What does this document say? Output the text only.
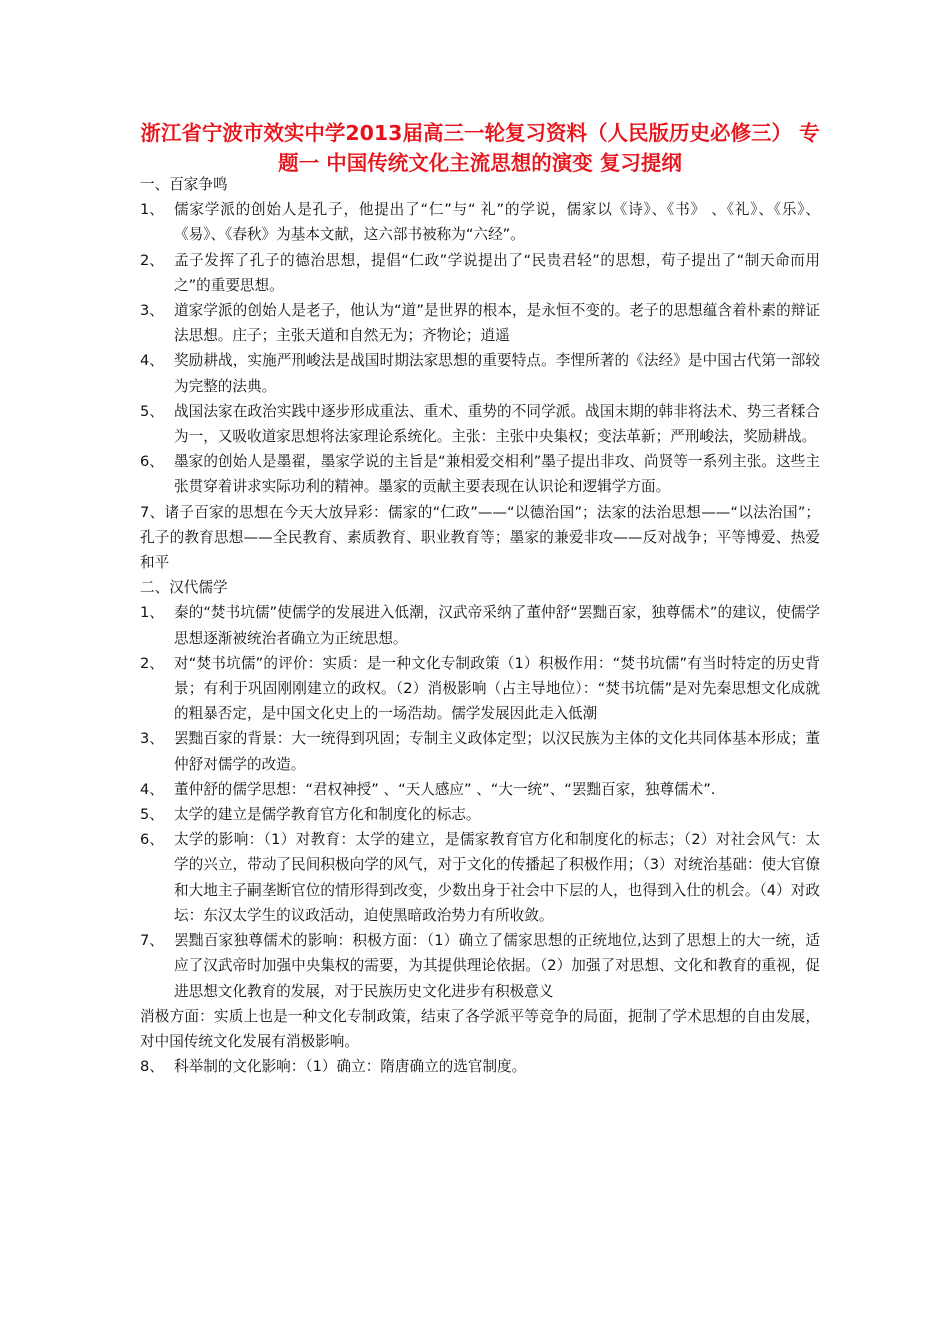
浙江省宁波市效实中学2013届高三一轮复习资料（人民版历史必修三） 专题一 中国传统文化主流思想的演变 复习提纲

一、百家争鸣

1、 儒家学派的创始人是孔子，他提出了“仁”与“ 礼”的学说，儒家以《诗》、《书》 、《礼》、《乐》、《易》、《春秋》为基本文献，这六部书被称为“六经”。
2、 孟子发挥了孔子的德治思想，提倡“仁政”学说提出了“民贵君轻”的思想，荀子提出了“制天命而用之”的重要思想。
3、 道家学派的创始人是老子，他认为“道”是世界的根本，是永恒不变的。老子的思想蕴含着朴素的辩证法思想。庄子；主张天道和自然无为；齐物论；逍遥
4、 奖励耕战，实施严刑峻法是战国时期法家思想的重要特点。李悝所著的《法经》是中国古代第一部较为完整的法典。
5、 战国法家在政治实践中逐步形成重法、重术、重势的不同学派。战国末期的韩非将法术、势三者糅合为一，又吸收道家思想将法家理论系统化。主张：主张中央集权；变法革新；严刑峻法，奖励耕战。
6、 墨家的创始人是墨翟，墨家学说的主旨是“兼相爱交相利”墨子提出非攻、尚贤等一系列主张。这些主张贯穿着讲求实际功利的精神。墨家的贡献主要表现在认识论和逻辑学方面。

7、诸子百家的思想在今天大放异彩：儒家的“仁政”——“以德治国”；法家的法治思想——“以法治国”；孔子的教育思想——全民教育、素质教育、职业教育等；墨家的兼爱非攻——反对战争；平等博爱、热爱和平

二、汉代儒学

1、 秦的“焚书坑儒”使儒学的发展进入低潮，汉武帝采纳了董仲舒“罢黜百家，独尊儒术”的建议，使儒学思想逐渐被统治者确立为正统思想。
2、 对“焚书坑儒”的评价：实质：是一种文化专制政策（1）积极作用：“焚书坑儒”有当时特定的历史背景；有利于巩固刚刚建立的政权。（2）消极影响（占主导地位）：“焚书坑儒”是对先秦思想文化成就的粗暴否定，是中国文化史上的一场浩劫。儒学发展因此走入低潮
3、 罢黜百家的背景：大一统得到巩固；专制主义政体定型；以汉民族为主体的文化共同体基本形成；董仲舒对儒学的改造。
4、 董仲舒的儒学思想：“君权神授” 、“天人感应” 、“大一统”、“罢黜百家，独尊儒术”.
5、 太学的建立是儒学教育官方化和制度化的标志。
6、 太学的影响：（1）对教育：太学的建立，是儒家教育官方化和制度化的标志；（2）对社会风气：太学的兴立，带动了民间积极向学的风气，对于文化的传播起了积极作用；（3）对统治基础：使大官僚和大地主子嗣垄断官位的情形得到改变，少数出身于社会中下层的人，也得到入仕的机会。（4）对政坛：东汉太学生的议政活动，迫使黑暗政治势力有所收敛。
7、 罢黜百家独尊儒术的影响：积极方面：（1）确立了儒家思想的正统地位,达到了思想上的大一统，适应了汉武帝时加强中央集权的需要，为其提供理论依据。（2）加强了对思想、文化和教育的重视，促进思想文化教育的发展，对于民族历史文化进步有积极意义

消极方面：实质上也是一种文化专制政策，结束了各学派平等竞争的局面，扼制了学术思想的自由发展，对中国传统文化发展有消极影响。

8、 科举制的文化影响：（1）确立：隋唐确立的选官制度。
